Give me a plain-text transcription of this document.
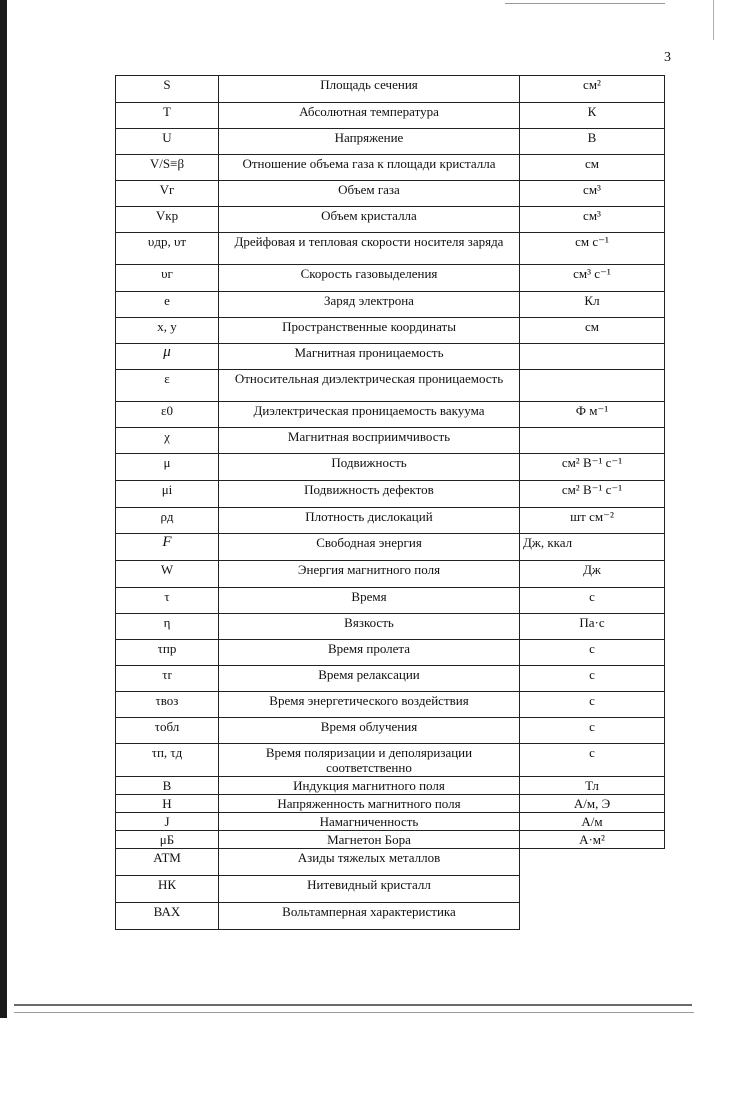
3
S	Площадь сечения	см²
T	Абсолютная температура	К
U	Напряжение	В
V/S≡β	Отношение объема газа к площади кристалла	см
Vг	Объем газа	см³
Vкр	Объем кристалла	см³
υдр, υт	Дрейфовая и тепловая скорости носителя заряда	см с⁻¹
υг	Скорость газовыделения	см³ с⁻¹
e	Заряд электрона	Кл
x, y	Пространственные координаты	см
μ	Магнитная проницаемость	
ε	Относительная диэлектрическая проницаемость	
ε0	Диэлектрическая проницаемость вакуума	Ф м⁻¹
χ	Магнитная восприимчивость	
μ	Подвижность	см² В⁻¹ с⁻¹
μi	Подвижность дефектов	см² В⁻¹ с⁻¹
ρд	Плотность дислокаций	шт см⁻²
F	Свободная энергия	Дж, ккал
W	Энергия магнитного поля	Дж
τ	Время	с
η	Вязкость	Па·с
τпр	Время пролета	с
τr	Время релаксации	с
τвоз	Время энергетического воздействия	с
τобл	Время облучения	с
τп, τд	Время поляризации и деполяризации соответственно	с
B	Индукция магнитного поля	Тл
H	Напряженность магнитного поля	А/м, Э
J	Намагниченность	А/м
μБ	Магнетон Бора	А·м²
АТМ	Азиды тяжелых металлов	
НК	Нитевидный кристалл	
ВАХ	Вольтамперная характеристика	
